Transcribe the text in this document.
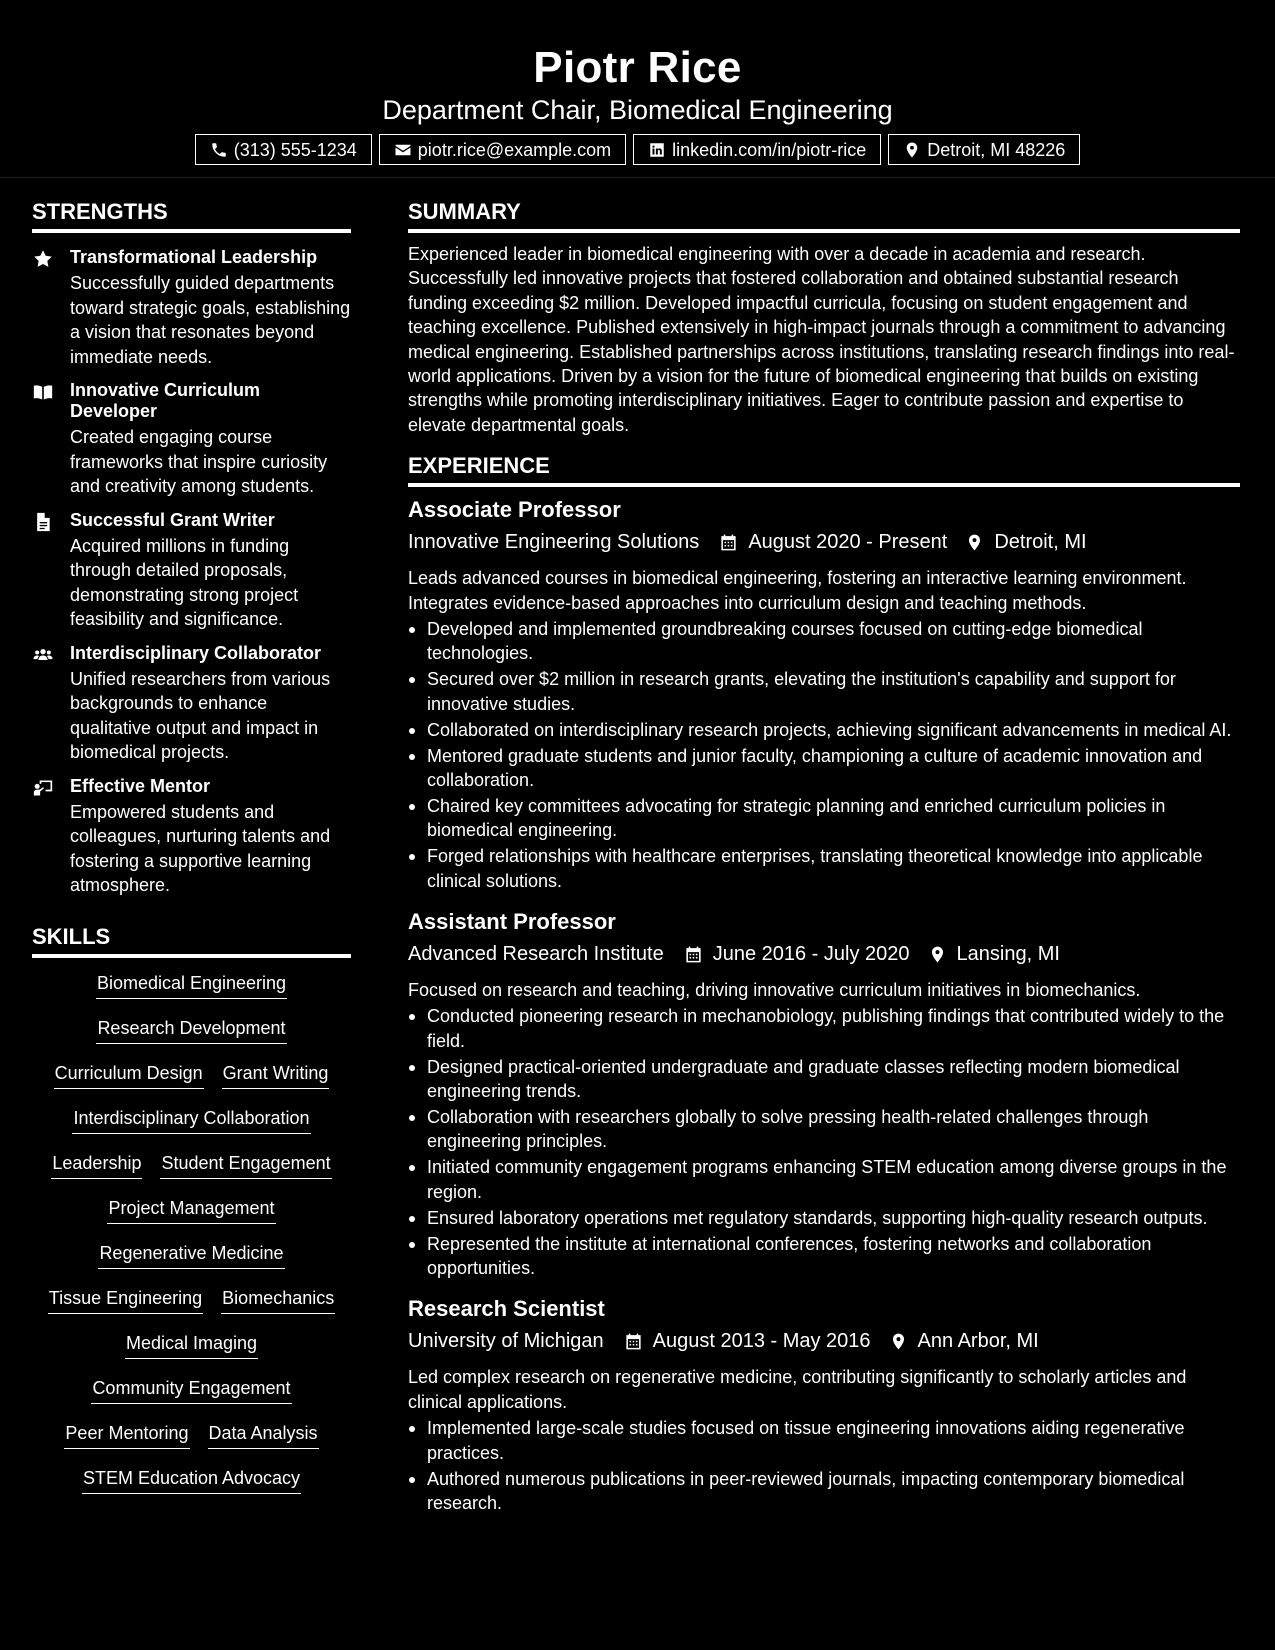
Piotr Rice
Department Chair, Biomedical Engineering
(313) 555-1234	piotr.rice@example.com	linkedin.com/in/piotr-rice	Detroit, MI 48226
STRENGTHS
Transformational Leadership
Successfully guided departments toward strategic goals, establishing a vision that resonates beyond immediate needs.
Innovative Curriculum Developer
Created engaging course frameworks that inspire curiosity and creativity among students.
Successful Grant Writer
Acquired millions in funding through detailed proposals, demonstrating strong project feasibility and significance.
Interdisciplinary Collaborator
Unified researchers from various backgrounds to enhance qualitative output and impact in biomedical projects.
Effective Mentor
Empowered students and colleagues, nurturing talents and fostering a supportive learning atmosphere.
SKILLS
Biomedical Engineering
Research Development
Curriculum Design Grant Writing
Interdisciplinary Collaboration
Leadership Student Engagement
Project Management
Regenerative Medicine
Tissue Engineering Biomechanics
Medical Imaging
Community Engagement
Peer Mentoring Data Analysis
STEM Education Advocacy
SUMMARY
Experienced leader in biomedical engineering with over a decade in academia and research. Successfully led innovative projects that fostered collaboration and obtained substantial research funding exceeding $2 million. Developed impactful curricula, focusing on student engagement and teaching excellence. Published extensively in high-impact journals through a commitment to advancing medical engineering. Established partnerships across institutions, translating research findings into real-world applications. Driven by a vision for the future of biomedical engineering that builds on existing strengths while promoting interdisciplinary initiatives. Eager to contribute passion and expertise to elevate departmental goals.
EXPERIENCE
Associate Professor
Innovative Engineering Solutions August 2020 - Present Detroit, MI
Leads advanced courses in biomedical engineering, fostering an interactive learning environment. Integrates evidence-based approaches into curriculum design and teaching methods.
Developed and implemented groundbreaking courses focused on cutting-edge biomedical technologies.
Secured over $2 million in research grants, elevating the institution's capability and support for innovative studies.
Collaborated on interdisciplinary research projects, achieving significant advancements in medical AI.
Mentored graduate students and junior faculty, championing a culture of academic innovation and collaboration.
Chaired key committees advocating for strategic planning and enriched curriculum policies in biomedical engineering.
Forged relationships with healthcare enterprises, translating theoretical knowledge into applicable clinical solutions.
Assistant Professor
Advanced Research Institute June 2016 - July 2020 Lansing, MI
Focused on research and teaching, driving innovative curriculum initiatives in biomechanics.
Conducted pioneering research in mechanobiology, publishing findings that contributed widely to the field.
Designed practical-oriented undergraduate and graduate classes reflecting modern biomedical engineering trends.
Collaboration with researchers globally to solve pressing health-related challenges through engineering principles.
Initiated community engagement programs enhancing STEM education among diverse groups in the region.
Ensured laboratory operations met regulatory standards, supporting high-quality research outputs.
Represented the institute at international conferences, fostering networks and collaboration opportunities.
Research Scientist
University of Michigan August 2013 - May 2016 Ann Arbor, MI
Led complex research on regenerative medicine, contributing significantly to scholarly articles and clinical applications.
Implemented large-scale studies focused on tissue engineering innovations aiding regenerative practices.
Authored numerous publications in peer-reviewed journals, impacting contemporary biomedical research.
